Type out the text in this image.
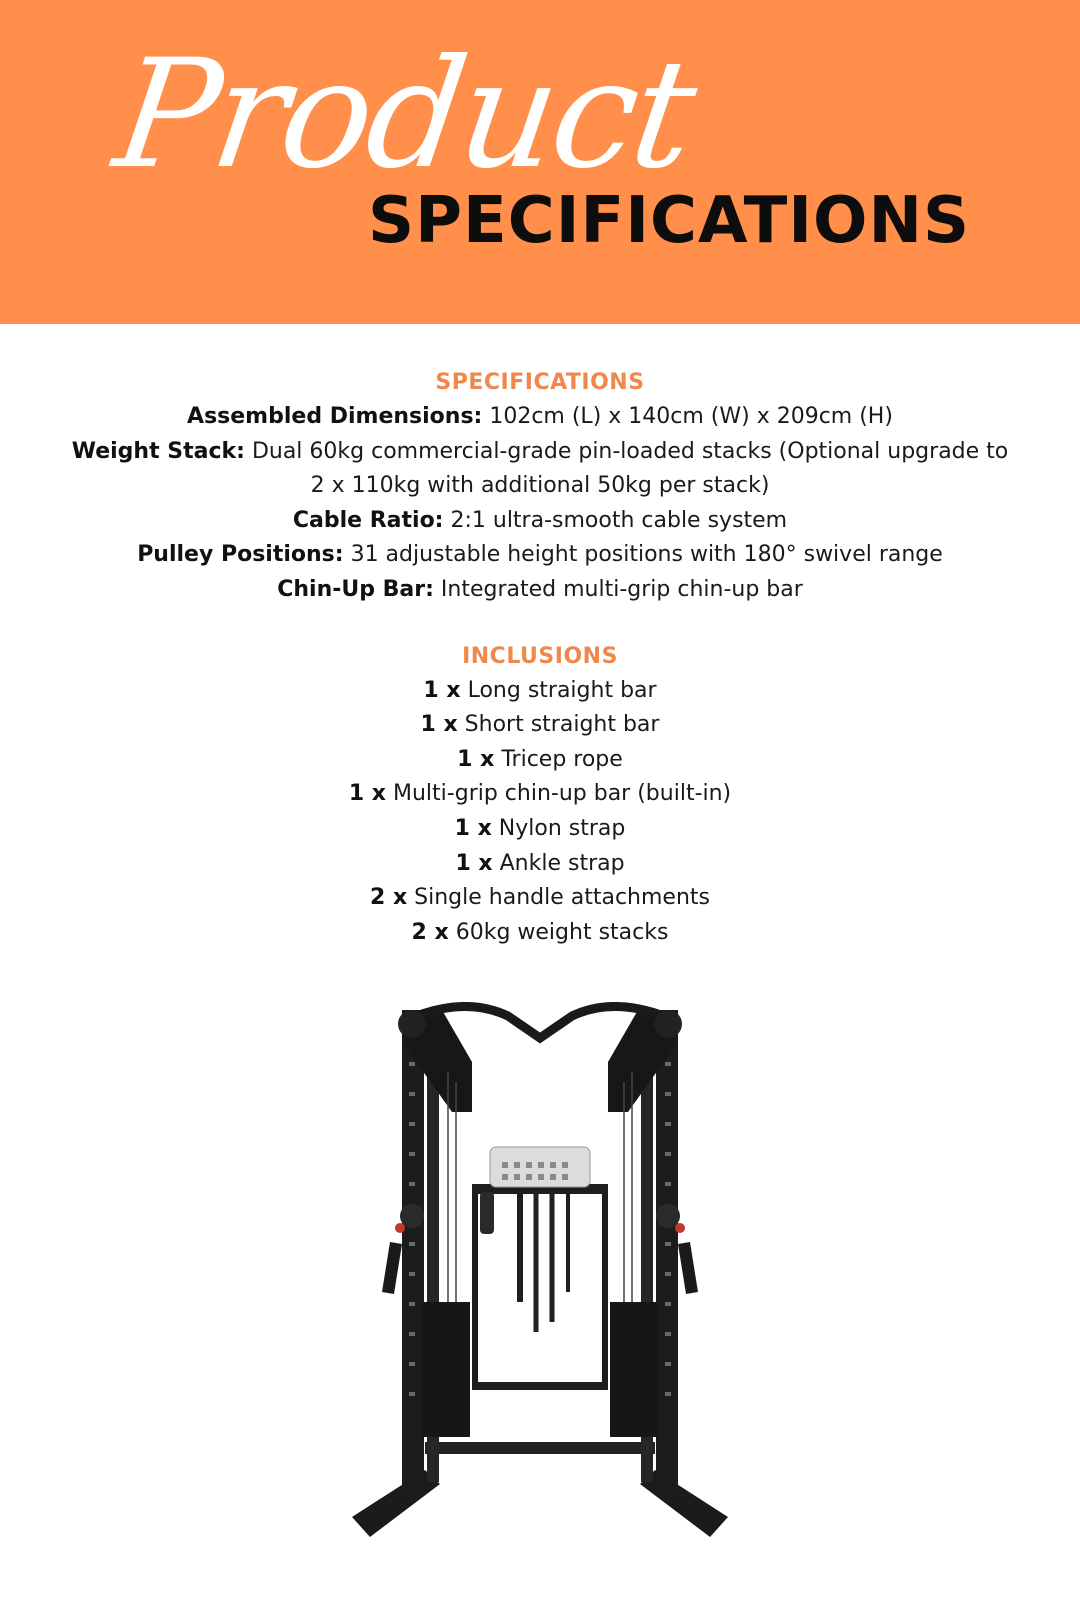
Product
SPECIFICATIONS
SPECIFICATIONS
Assembled Dimensions: 102cm (L) x 140cm (W) x 209cm (H)
Weight Stack: Dual 60kg commercial-grade pin-loaded stacks (Optional upgrade to 2 x 110kg with additional 50kg per stack)
Cable Ratio: 2:1 ultra-smooth cable system
Pulley Positions: 31 adjustable height positions with 180° swivel range
Chin-Up Bar: Integrated multi-grip chin-up bar
INCLUSIONS
1 x Long straight bar
1 x Short straight bar
1 x Tricep rope
1 x Multi-grip chin-up bar (built-in)
1 x Nylon strap
1 x Ankle strap
2 x Single handle attachments
2 x 60kg weight stacks
